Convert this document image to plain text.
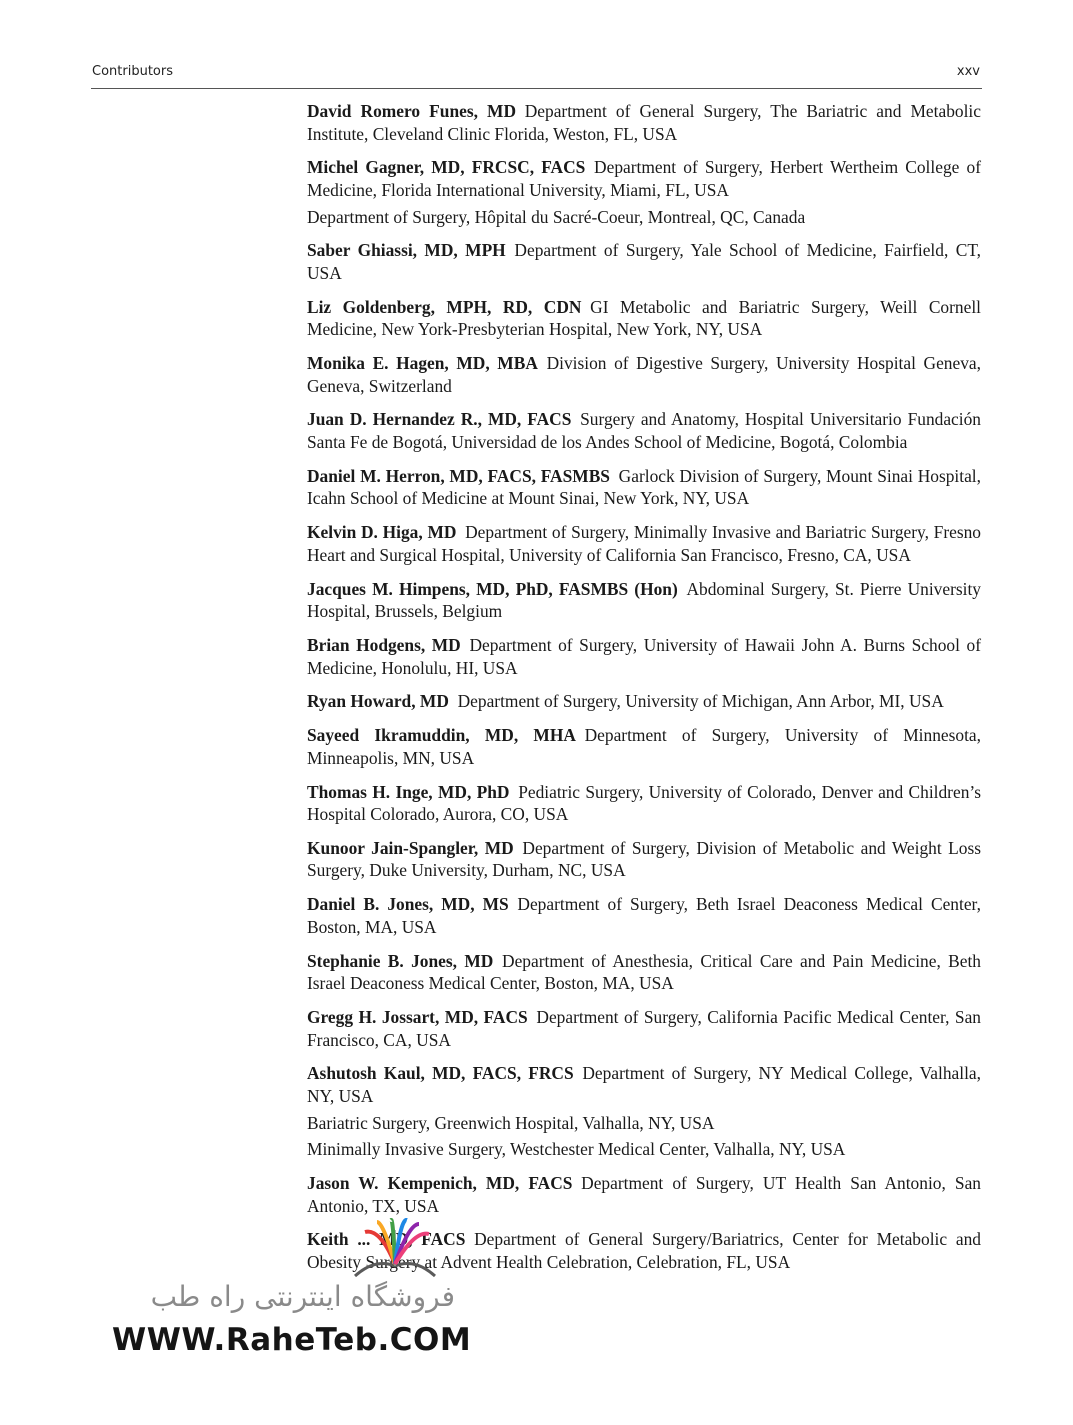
Contributors	xxv
David Romero Funes, MD  Department of General Surgery, The Bariatric and Metabolic Institute, Cleveland Clinic Florida, Weston, FL, USA
Michel Gagner, MD, FRCSC, FACS  Department of Surgery, Herbert Wertheim College of Medicine, Florida International University, Miami, FL, USA
Department of Surgery, Hôpital du Sacré-Coeur, Montreal, QC, Canada
Saber Ghiassi, MD, MPH  Department of Surgery, Yale School of Medicine, Fairfield, CT, USA
Liz Goldenberg, MPH, RD, CDN  GI Metabolic and Bariatric Surgery, Weill Cornell Medicine, New York-Presbyterian Hospital, New York, NY, USA
Monika E. Hagen, MD, MBA  Division of Digestive Surgery, University Hospital Geneva, Geneva, Switzerland
Juan D. Hernandez R., MD, FACS  Surgery and Anatomy, Hospital Universitario Fundación Santa Fe de Bogotá, Universidad de los Andes School of Medicine, Bogotá, Colombia
Daniel M. Herron, MD, FACS, FASMBS  Garlock Division of Surgery, Mount Sinai Hospital, Icahn School of Medicine at Mount Sinai, New York, NY, USA
Kelvin D. Higa, MD  Department of Surgery, Minimally Invasive and Bariatric Surgery, Fresno Heart and Surgical Hospital, University of California San Francisco, Fresno, CA, USA
Jacques M. Himpens, MD, PhD, FASMBS (Hon)  Abdominal Surgery, St. Pierre University Hospital, Brussels, Belgium
Brian Hodgens, MD  Department of Surgery, University of Hawaii John A. Burns School of Medicine, Honolulu, HI, USA
Ryan Howard, MD  Department of Surgery, University of Michigan, Ann Arbor, MI, USA
Sayeed Ikramuddin, MD, MHA  Department of Surgery, University of Minnesota, Minneapolis, MN, USA
Thomas H. Inge, MD, PhD  Pediatric Surgery, University of Colorado, Denver and Children’s Hospital Colorado, Aurora, CO, USA
Kunoor Jain-Spangler, MD  Department of Surgery, Division of Metabolic and Weight Loss Surgery, Duke University, Durham, NC, USA
Daniel B. Jones, MD, MS  Department of Surgery, Beth Israel Deaconess Medical Center, Boston, MA, USA
Stephanie B. Jones, MD  Department of Anesthesia, Critical Care and Pain Medicine, Beth Israel Deaconess Medical Center, Boston, MA, USA
Gregg H. Jossart, MD, FACS  Department of Surgery, California Pacific Medical Center, San Francisco, CA, USA
Ashutosh Kaul, MD, FACS, FRCS  Department of Surgery, NY Medical College, Valhalla, NY, USA
Bariatric Surgery, Greenwich Hospital, Valhalla, NY, USA
Minimally Invasive Surgery, Westchester Medical Center, Valhalla, NY, USA
Jason W. Kempenich, MD, FACS  Department of Surgery, UT Health San Antonio, San Antonio, TX, USA
Keith ... MD, FACS  Department of General Surgery/Bariatrics, Center for Metabolic and Obesity Surgery at Advent Health Celebration, Celebration, FL, USA
فروشگاه اینترنتی راه طب
WWW.RaheTeb.COM
